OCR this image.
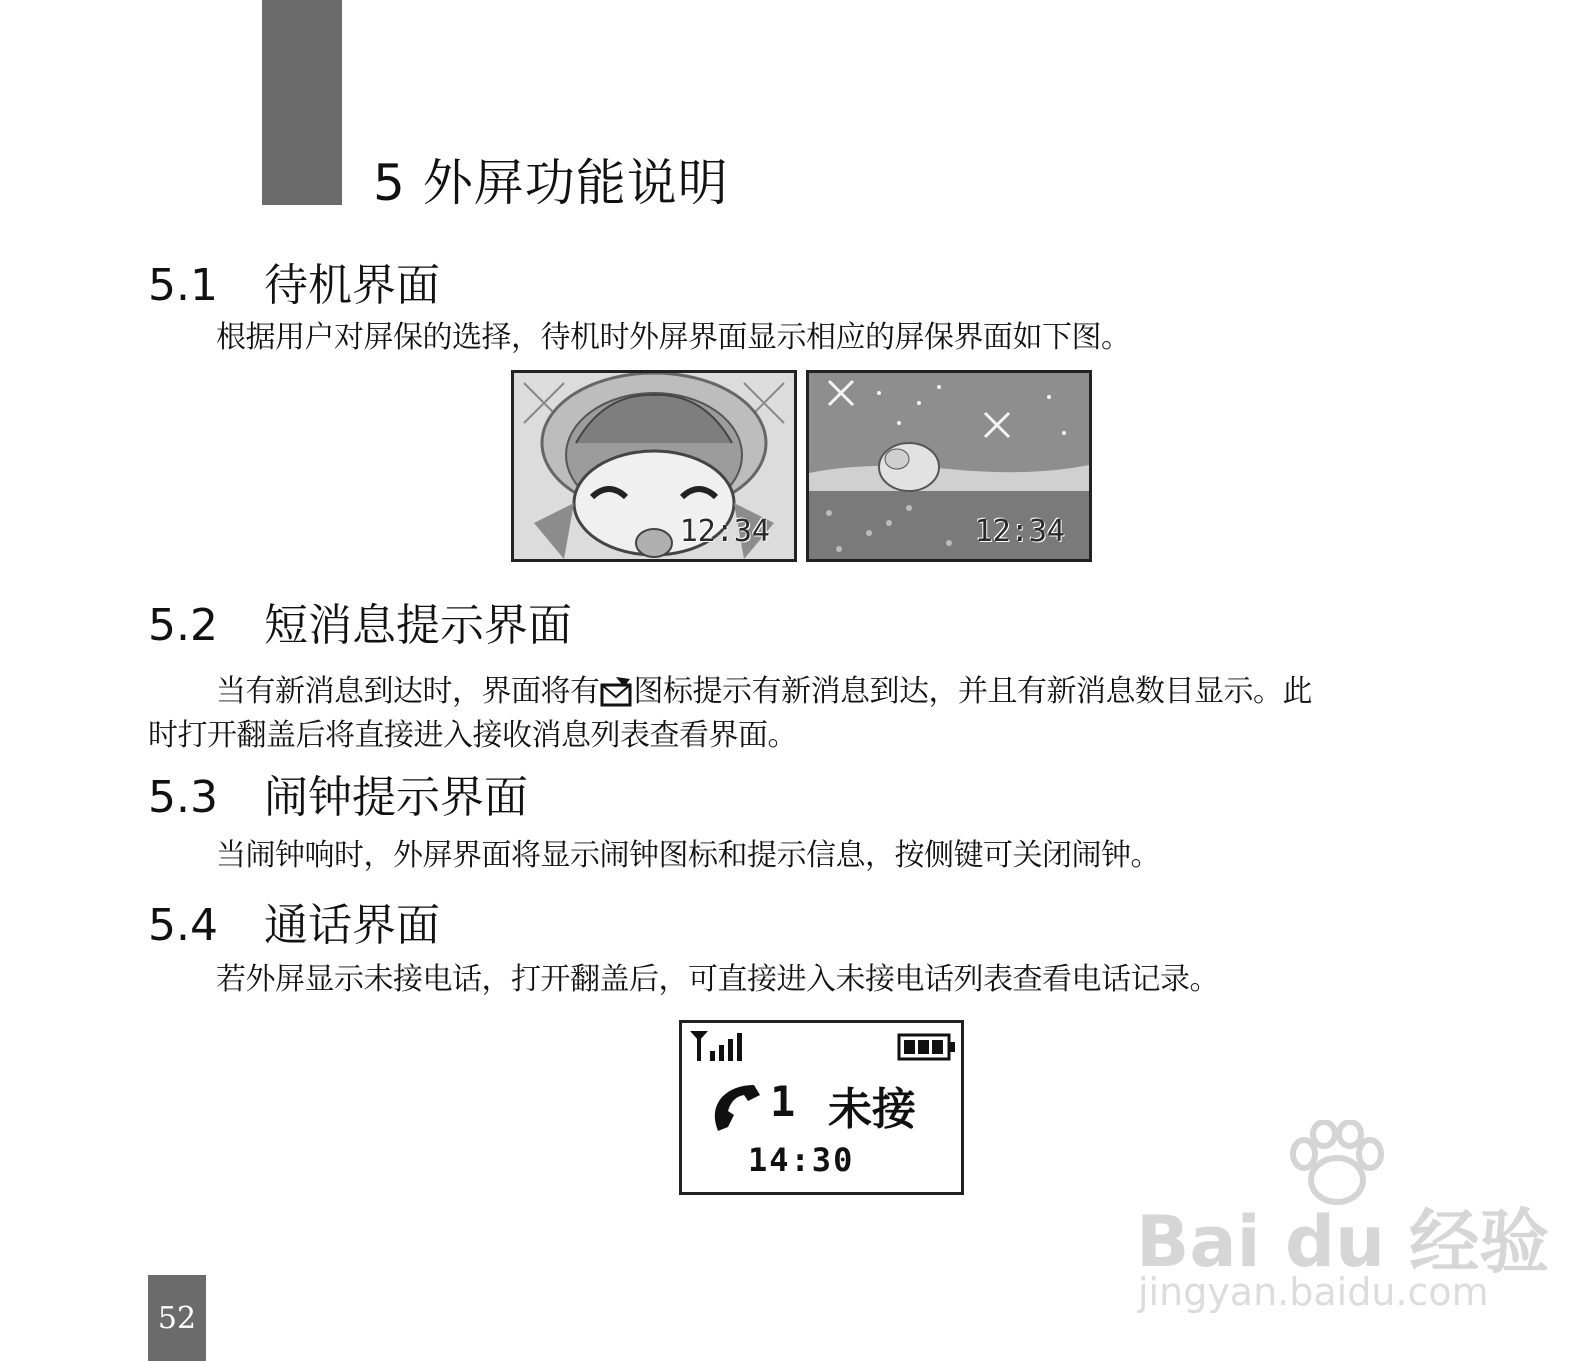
5 外屏功能说明
5.1 待机界面
根据用户对屏保的选择，待机时外屏界面显示相应的屏保界面如下图。
12:34	12:34
5.2 短消息提示界面
当有新消息到达时，界面将有 图标提示有新消息到达，并且有新消息数目显示。此
时打开翻盖后将直接进入接收消息列表查看界面。
5.3 闹钟提示界面
当闹钟响时，外屏界面将显示闹钟图标和提示信息，按侧键可关闭闹钟。
5.4 通话界面
若外屏显示未接电话，打开翻盖后，可直接进入未接电话列表查看电话记录。
1 未接
14:30
Bai du 经验
jingyan.baidu.com
52
